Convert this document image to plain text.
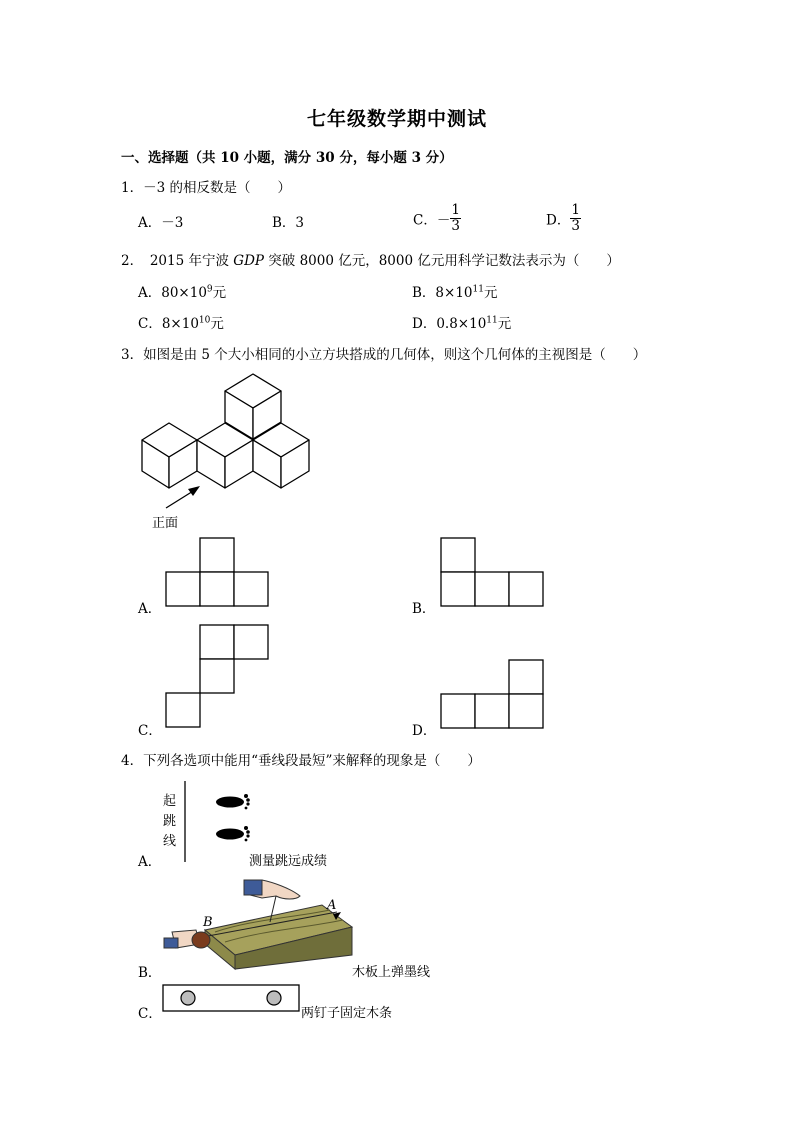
七年级数学期中测试
一、选择题（共 10 小题，满分 30 分，每小题 3 分）
1．－3 的相反数是（　　）
A．－3	B．3	C．－ $\frac{1}{3}$	D． $\frac{1}{3}$
2．　2015 年宁波 GDP 突破 8000 亿元，8000 亿元用科学记数法表示为（　　）
A．$80\times 10^9$元	B．$8\times 10^{11}$元
C．$8\times 10^{10}$元	D．$0.8\times 10^{11}$元
3．如图是由 5 个大小相同的小立方块搭成的几何体，则这个几何体的主视图是（　　）
正面
A．	B．
C．	D．
4．下列各选项中能用“垂线段最短”来解释的现象是（　　）
起
跳
线
A．	测量跳远成绩
B
A
B．	木板上弹墨线
C．	两钉子固定木条
